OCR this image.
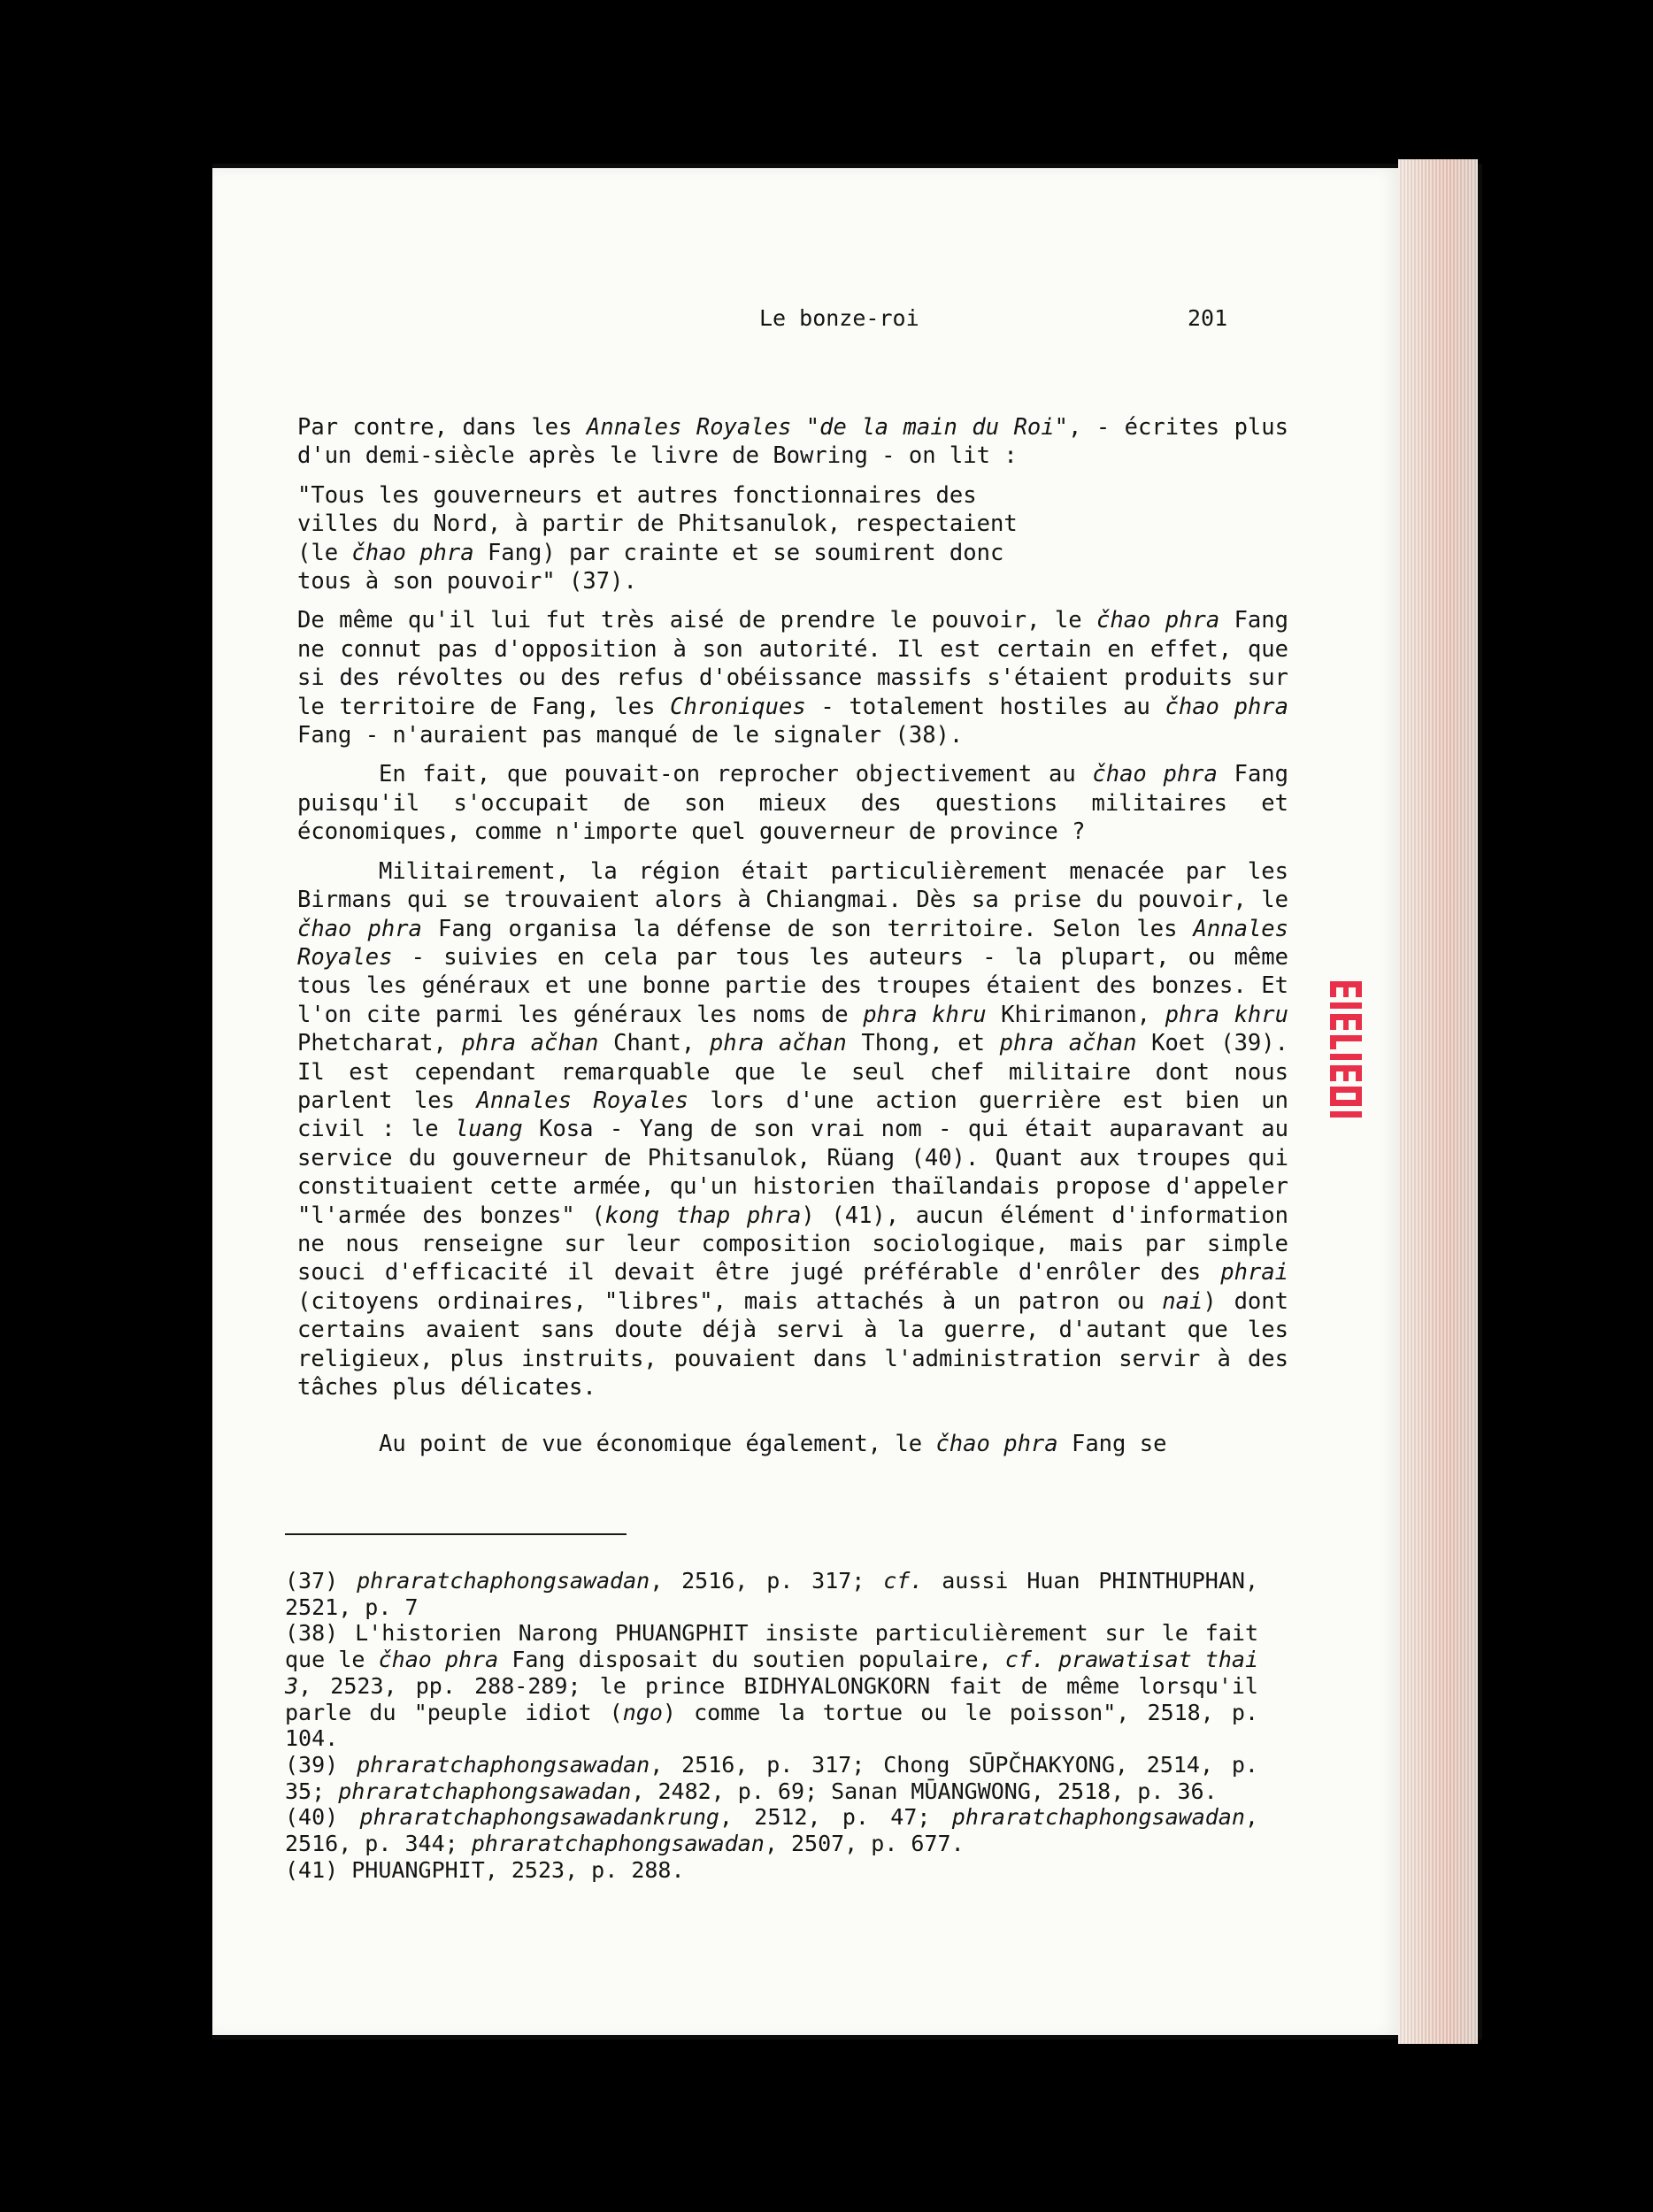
Le bonze-roi	201

Par contre, dans les Annales Royales "de la main du Roi", - écrites plus d'un demi-siècle après le livre de Bowring - on lit :

"Tous les gouverneurs et autres fonctionnaires des villes du Nord, à partir de Phitsanulok, respectaient (le čhao phra Fang) par crainte et se soumirent donc tous à son pouvoir" (37).

De même qu'il lui fut très aisé de prendre le pouvoir, le čhao phra Fang ne connut pas d'opposition à son autorité. Il est certain en effet, que si des révoltes ou des refus d'obéissance massifs s'étaient produits sur le territoire de Fang, les Chroniques - totalement hostiles au čhao phra Fang - n'auraient pas manqué de le signaler (38).

En fait, que pouvait-on reprocher objectivement au čhao phra Fang puisqu'il s'occupait de son mieux des questions militaires et économiques, comme n'importe quel gouverneur de province ?

Militairement, la région était particulièrement menacée par les Birmans qui se trouvaient alors à Chiangmai. Dès sa prise du pouvoir, le čhao phra Fang organisa la défense de son territoire. Selon les Annales Royales - suivies en cela par tous les auteurs - la plupart, ou même tous les généraux et une bonne partie des troupes étaient des bonzes. Et l'on cite parmi les généraux les noms de phra khru Khirimanon, phra khru Phetcharat, phra ačhan Chant, phra ačhan Thong, et phra ačhan Koet (39). Il est cependant remarquable que le seul chef militaire dont nous parlent les Annales Royales lors d'une action guerrière est bien un civil : le luang Kosa - Yang de son vrai nom - qui était auparavant au service du gouverneur de Phitsanulok, Rüang (40). Quant aux troupes qui constituaient cette armée, qu'un historien thaïlandais propose d'appeler "l'armée des bonzes" (kong thap phra) (41), aucun élément d'information ne nous renseigne sur leur composition sociologique, mais par simple souci d'efficacité il devait être jugé préférable d'enrôler des phrai (citoyens ordinaires, "libres", mais attachés à un patron ou nai) dont certains avaient sans doute déjà servi à la guerre, d'autant que les religieux, plus instruits, pouvaient dans l'administration servir à des tâches plus délicates.

Au point de vue économique également, le čhao phra Fang se

(37) phraratchaphongsawadan, 2516, p. 317; cf. aussi Huan PHINTHUPHAN, 2521, p. 7

(38) L'historien Narong PHUANGPHIT insiste particulièrement sur le fait que le čhao phra Fang disposait du soutien populaire, cf. prawatisat thai 3, 2523, pp. 288-289; le prince BIDHYALONGKORN fait de même lorsqu'il parle du "peuple idiot (ngo) comme la tortue ou le poisson", 2518, p. 104.

(39) phraratchaphongsawadan, 2516, p. 317; Chong SŪPČHAKYONG, 2514, p. 35; phraratchaphongsawadan, 2482, p. 69; Sanan MŪANGWONG, 2518, p. 36.

(40) phraratchaphongsawadankrung, 2512, p. 47; phraratchaphongsawadan, 2516, p. 344; phraratchaphongsawadan, 2507, p. 677.

(41) PHUANGPHIT, 2523, p. 288.
